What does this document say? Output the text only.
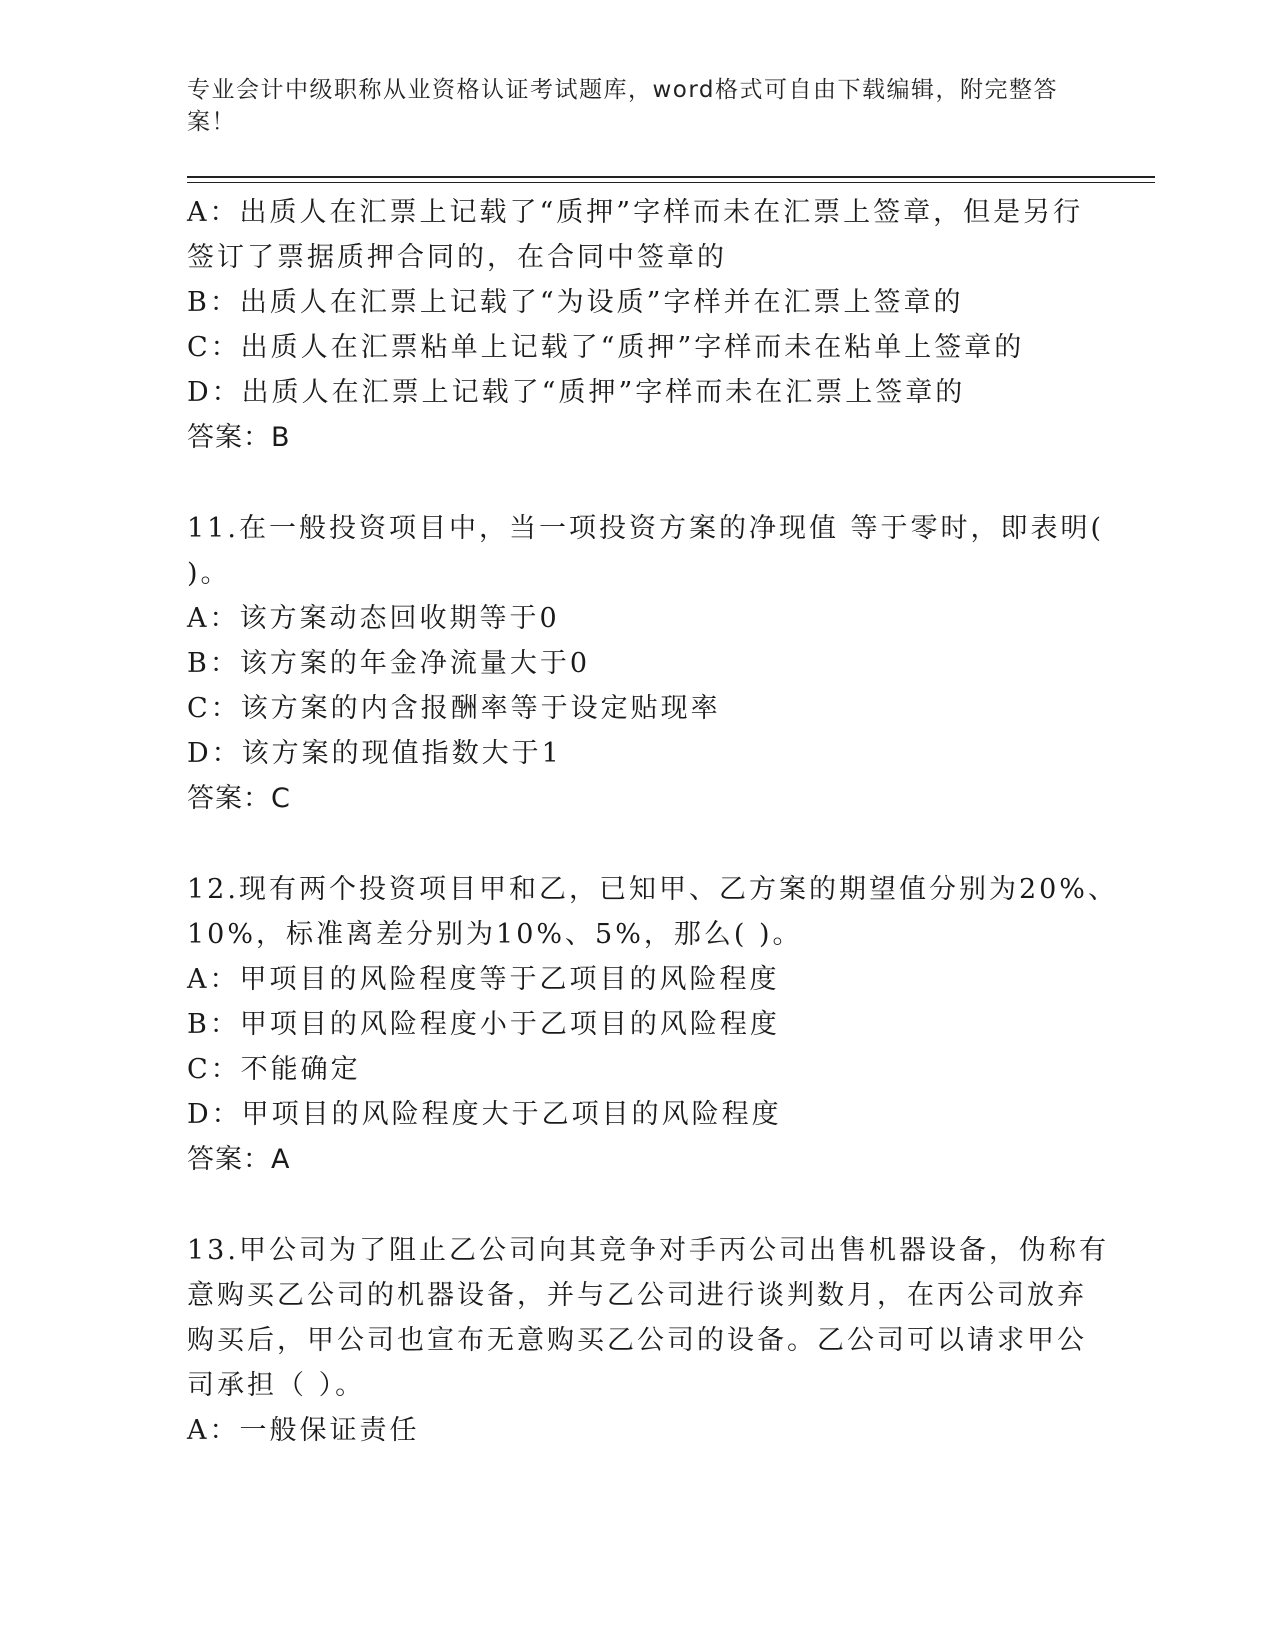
专业会计中级职称从业资格认证考试题库，word格式可自由下载编辑，附完整答
案！

A：出质人在汇票上记载了“质押”字样而未在汇票上签章，但是另行

签订了票据质押合同的，在合同中签章的

B：出质人在汇票上记载了“为设质”字样并在汇票上签章的

C：出质人在汇票粘单上记载了“质押”字样而未在粘单上签章的

D：出质人在汇票上记载了“质押”字样而未在汇票上签章的

答案：B

11.在一般投资项目中，当一项投资方案的净现值 等于零时，即表明(

)。

A：该方案动态回收期等于0

B：该方案的年金净流量大于0

C：该方案的内含报酬率等于设定贴现率

D：该方案的现值指数大于1

答案：C

12.现有两个投资项目甲和乙，已知甲、乙方案的期望值分别为20%、

10%，标准离差分别为10%、5%，那么( )。

A：甲项目的风险程度等于乙项目的风险程度

B：甲项目的风险程度小于乙项目的风险程度

C：不能确定

D：甲项目的风险程度大于乙项目的风险程度

答案：A

13.甲公司为了阻止乙公司向其竞争对手丙公司出售机器设备，伪称有

意购买乙公司的机器设备，并与乙公司进行谈判数月，在丙公司放弃

购买后，甲公司也宣布无意购买乙公司的设备。乙公司可以请求甲公

司承担（ ）。

A：一般保证责任
